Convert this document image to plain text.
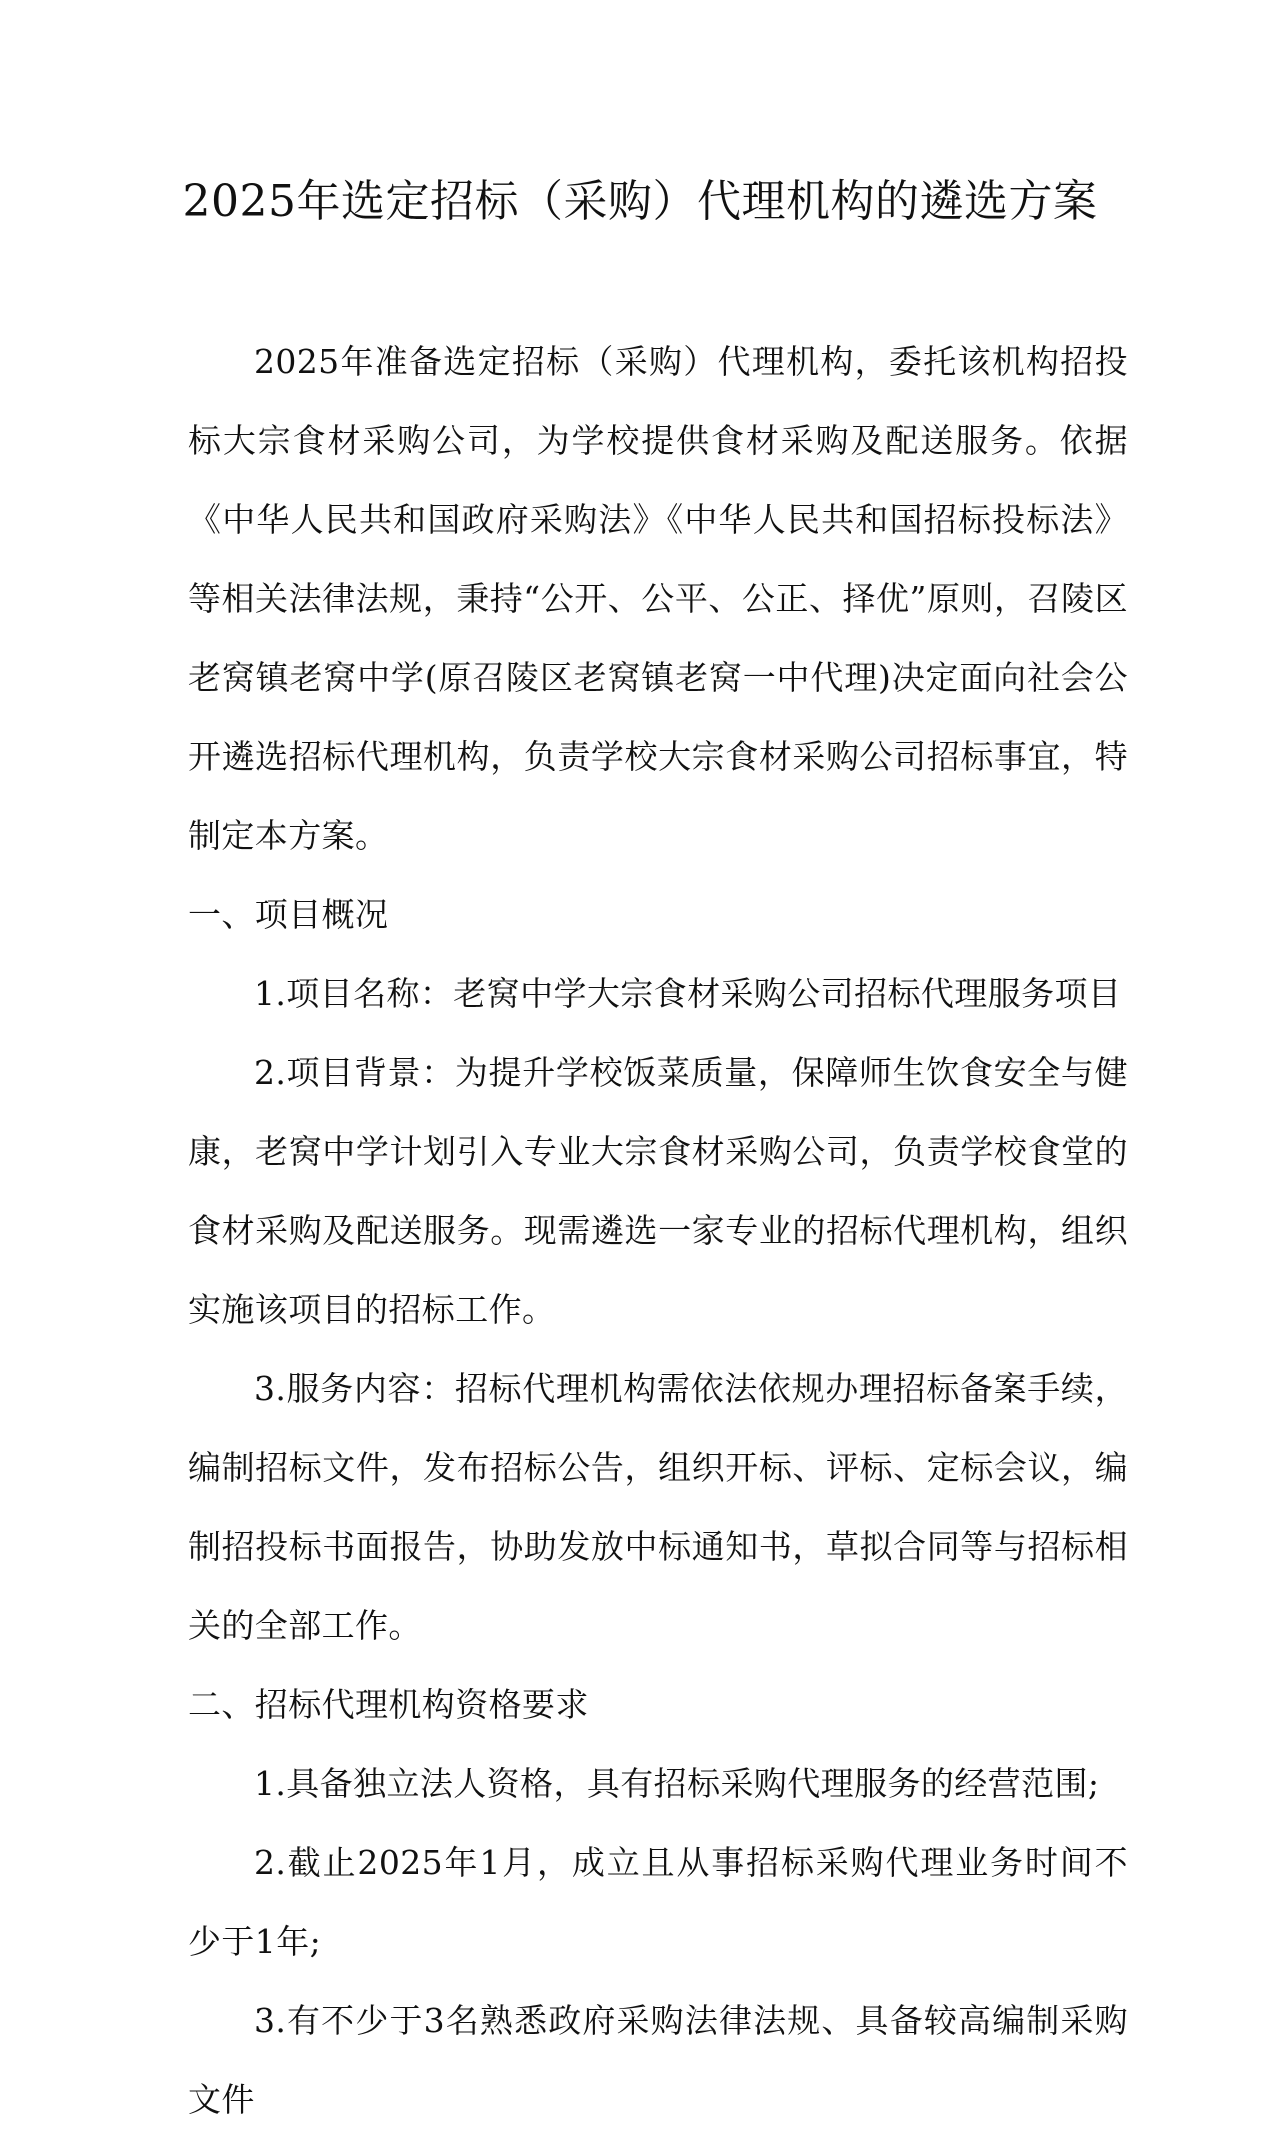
2025年选定招标（采购）代理机构的遴选方案

2025年准备选定招标（采购）代理机构，委托该机构招投标大宗食材采购公司，为学校提供食材采购及配送服务。依据《中华人民共和国政府采购法》《中华人民共和国招标投标法》等相关法律法规，秉持“公开、公平、公正、择优”原则，召陵区老窝镇老窝中学(原召陵区老窝镇老窝一中代理)决定面向社会公开遴选招标代理机构，负责学校大宗食材采购公司招标事宜，特制定本方案。

一、项目概况

1.项目名称：老窝中学大宗食材采购公司招标代理服务项目

2.项目背景：为提升学校饭菜质量，保障师生饮食安全与健康，老窝中学计划引入专业大宗食材采购公司，负责学校食堂的食材采购及配送服务。现需遴选一家专业的招标代理机构，组织实施该项目的招标工作。

3.服务内容：招标代理机构需依法依规办理招标备案手续，编制招标文件，发布招标公告，组织开标、评标、定标会议，编制招投标书面报告，协助发放中标通知书，草拟合同等与招标相关的全部工作。

二、招标代理机构资格要求

1.具备独立法人资格，具有招标采购代理服务的经营范围;

2.截止2025年1月，成立且从事招标采购代理业务时间不少于1年;

3.有不少于3名熟悉政府采购法律法规、具备较高编制采购文件
